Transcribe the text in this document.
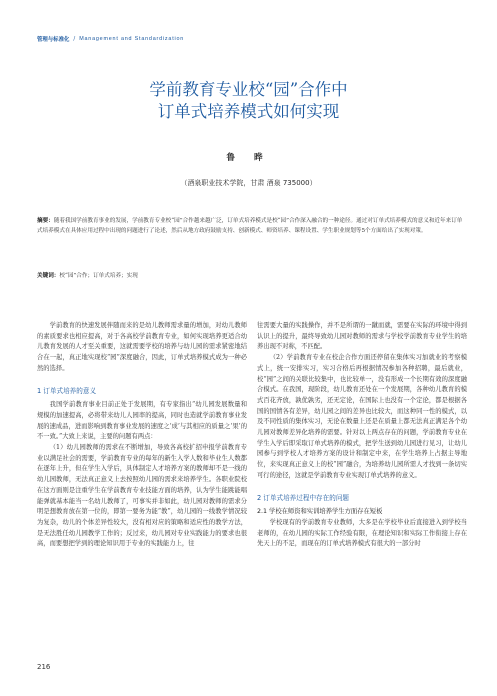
管理与标准化 / Management and Standardization
学前教育专业校“园”合作中
订单式培养模式如何实现
鲁 晔
（酒泉职业技术学院，甘肃 酒泉 735000）
摘要：随着我国学前教育事业的发展，学前教育专业校“园”合作越来越广泛，订单式培养模式是校“园”合作深入融合的一种途径。通过对订单式培养模式的意义和近年来订单式培养模式在具体应用过程中出现的问题进行了论述，然后从地方政府鼓励支持、创新模式、师资培养、课程设置、学生职业规划等5个方面给出了实现对策。
关键词：校“园”合作；订单式培养；实现

学前教育的快速发展伴随而来的是幼儿教师需求量的增加，对幼儿教师的素质要求也相应提高，对于各高校学前教育专业，如何实现培养更适合幼儿教育发展的人才至关重要，这就需要学校的培养与幼儿园的需求紧密地结合在一起，真正地实现校“园”深度融合，因此，订单式培养模式成为一种必然的选择。

1 订单式培养的意义

我国学前教育事业目前正处于发展期，有专家指出“幼儿园发展数量和规模的加速提高，必将带来幼儿人园率的提高，同时也造就学前教育事业发展的速成品，进而影响到教育事业发展的速度之‘成’与其相应的质量之‘果’的不一致。”大致上来说，主要的问题有两点：

（1）幼儿园教师的需求在不断增加，导致各高校扩招申报学前教育专业以满足社会的需要，学前教育专业的每年的新生入学人数和毕业生人数都在逐年上升，但在学生入学后，具体制定人才培养方案的教师却不是一线的幼儿园教师，无法真正意义上去按照幼儿园的需求来培养学生。各职业院校在这方面则是注重学生在学前教育专业技能方面的培养，认为学生能跳能唱能弹就基本能当一名幼儿教师了，可事实并非如此，幼儿园对教师的需求分明是想教育放在第一位的，即第一要务为能“教”，幼儿园的一线教学情况较为复杂，幼儿的个体差异性较大，没有相对应的策略和适应性的教学方法，是无法胜任幼儿园教学工作的；反过来，幼儿园对专业实践能力的要求也很高，而要想把学到的理论知识用于专业的实践能力上，往

往需要大量的实践操作，并不是所谓的一蹴而就，需要在实际的环境中得到认识上的提升，最终导致幼儿园对教师的需求与学校学前教育专业学生的培养出现不对称，不匹配。

（2）学前教育专业在校企合作方面还停留在集体实习加就业的考察模式上，统一安排实习，实习合格后再根据情况参加各种招聘，最后就业，校“园”之间的关联比较集中，也比较单一，没有形成一个长期有效的深度融合模式。在我国，现阶段，幼儿教育还处在一个发展期，各种幼儿教育的模式百花齐放，孰优孰劣，还无定论，在国际上也没有一个定论，都是根据各国的国情各有差异，幼儿园之间的差异也比较大，而这种同一性的模式，以及不同性质的集体实习，无论在数量上还是在质量上都无法真正满足各个幼儿园对教师差异化培养的需要。针对以上两点存在的问题，学前教育专业在学生入学后即采取订单式培养的模式，把学生送到幼儿园进行见习，让幼儿园参与到学校人才培养方案的设计和制定中来，在学生培养上占据主导地位，来实现真正意义上的校“园”融合，为培养幼儿园所需人才找到一条切实可行的途径，这就是学前教育专业实现订单式培养的意义。

2 订单式培养过程中存在的问题
2.1 学校在师资和实训培养学生方面存在短板

学校现有的学前教育专业教师，大多是在学校毕业后直接进入到学校当老师的，在幼儿园的实际工作经验有限，在理论知识和实际工作衔接上存在先天上的不足，而现在的订单式培养模式有很大的一部分时

216
